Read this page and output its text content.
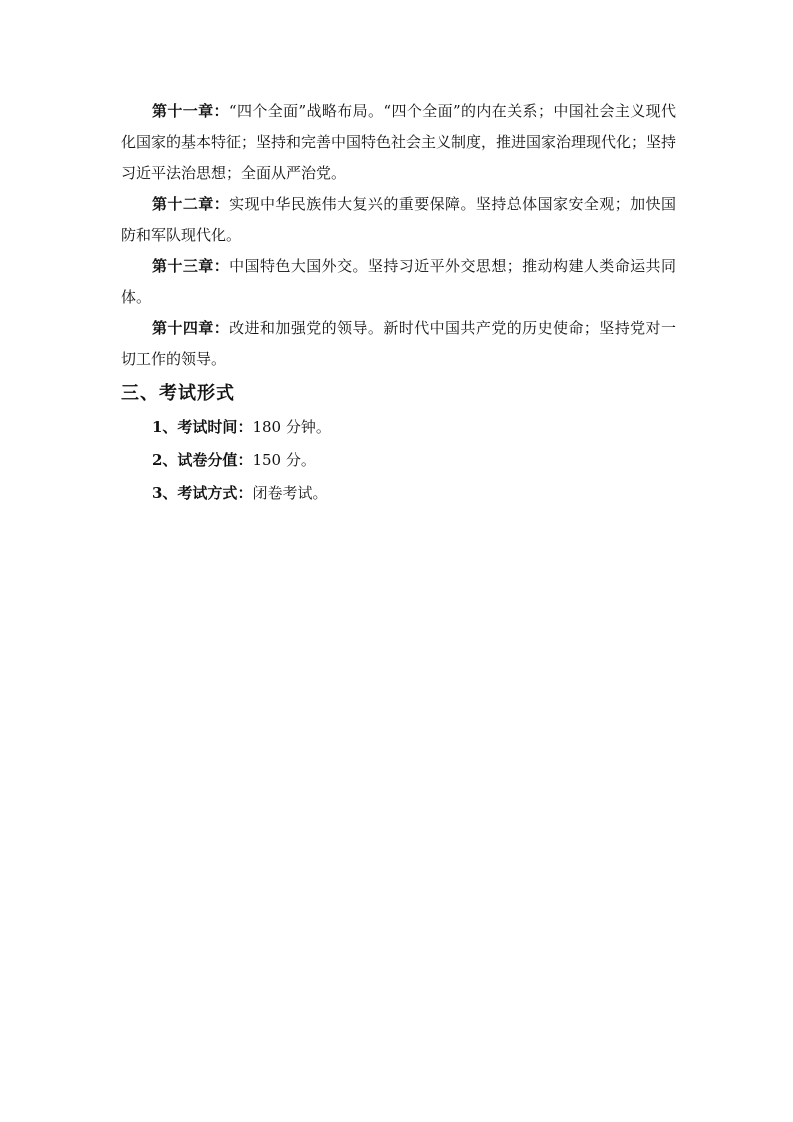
第十一章：“四个全面”战略布局。“四个全面”的内在关系；中国社会主义现代化国家的基本特征；坚持和完善中国特色社会主义制度，推进国家治理现代化；坚持习近平法治思想；全面从严治党。

第十二章：实现中华民族伟大复兴的重要保障。坚持总体国家安全观；加快国防和军队现代化。

第十三章：中国特色大国外交。坚持习近平外交思想；推动构建人类命运共同体。

第十四章：改进和加强党的领导。新时代中国共产党的历史使命；坚持党对一切工作的领导。

三、考试形式

1、考试时间：180 分钟。

2、试卷分值：150 分。

3、考试方式：闭卷考试。
